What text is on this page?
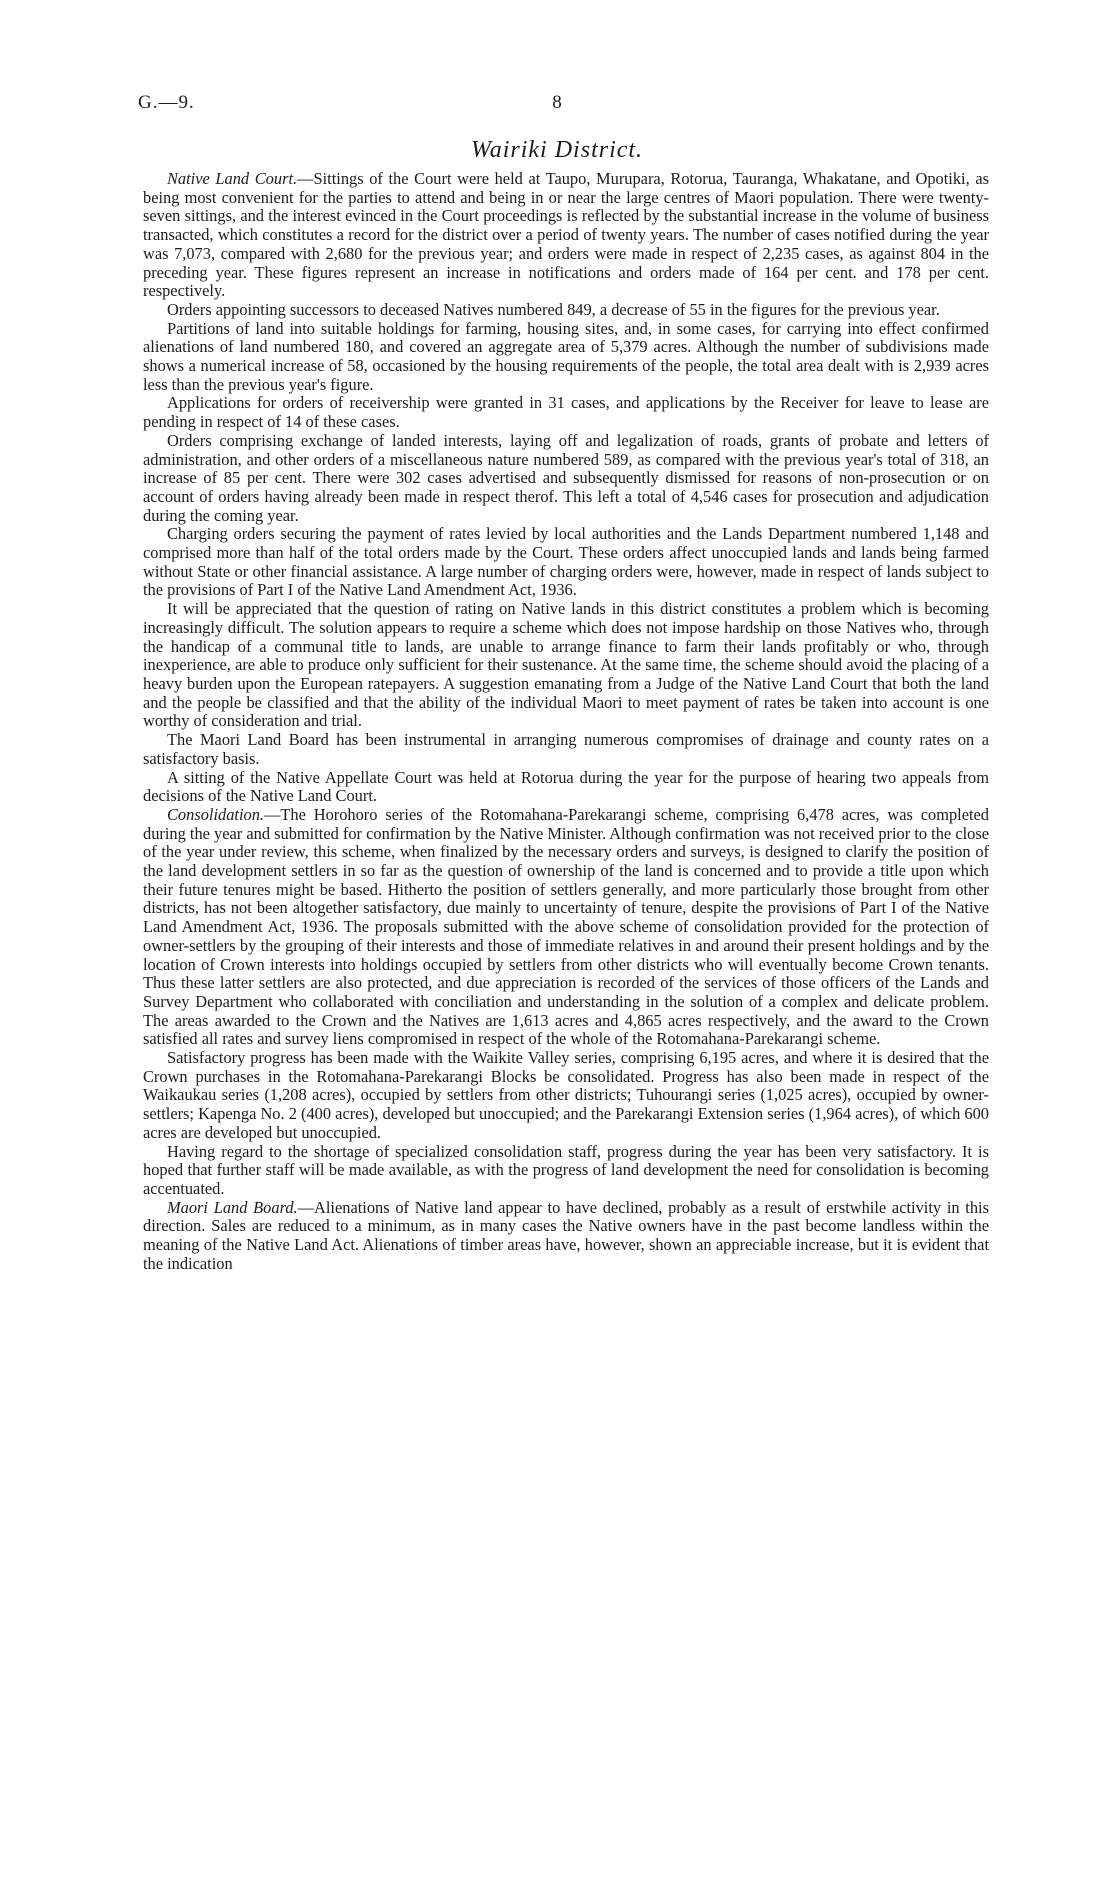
G.—9.	8
Wairiki District.

Native Land Court.—Sittings of the Court were held at Taupo, Murupara, Rotorua, Tauranga, Whakatane, and Opotiki, as being most convenient for the parties to attend and being in or near the large centres of Maori population. There were twenty-seven sittings, and the interest evinced in the Court proceedings is reflected by the substantial increase in the volume of business transacted, which constitutes a record for the district over a period of twenty years. The number of cases notified during the year was 7,073, compared with 2,680 for the previous year; and orders were made in respect of 2,235 cases, as against 804 in the preceding year. These figures represent an increase in notifications and orders made of 164 per cent. and 178 per cent. respectively.

Orders appointing successors to deceased Natives numbered 849, a decrease of 55 in the figures for the previous year.

Partitions of land into suitable holdings for farming, housing sites, and, in some cases, for carrying into effect confirmed alienations of land numbered 180, and covered an aggregate area of 5,379 acres. Although the number of subdivisions made shows a numerical increase of 58, occasioned by the housing requirements of the people, the total area dealt with is 2,939 acres less than the previous year's figure.

Applications for orders of receivership were granted in 31 cases, and applications by the Receiver for leave to lease are pending in respect of 14 of these cases.

Orders comprising exchange of landed interests, laying off and legalization of roads, grants of probate and letters of administration, and other orders of a miscellaneous nature numbered 589, as compared with the previous year's total of 318, an increase of 85 per cent. There were 302 cases advertised and subsequently dismissed for reasons of non-prosecution or on account of orders having already been made in respect therof. This left a total of 4,546 cases for prosecution and adjudication during the coming year.

Charging orders securing the payment of rates levied by local authorities and the Lands Department numbered 1,148 and comprised more than half of the total orders made by the Court. These orders affect unoccupied lands and lands being farmed without State or other financial assistance. A large number of charging orders were, however, made in respect of lands subject to the provisions of Part I of the Native Land Amendment Act, 1936.

It will be appreciated that the question of rating on Native lands in this district constitutes a problem which is becoming increasingly difficult. The solution appears to require a scheme which does not impose hardship on those Natives who, through the handicap of a communal title to lands, are unable to arrange finance to farm their lands profitably or who, through inexperience, are able to produce only sufficient for their sustenance. At the same time, the scheme should avoid the placing of a heavy burden upon the European ratepayers. A suggestion emanating from a Judge of the Native Land Court that both the land and the people be classified and that the ability of the individual Maori to meet payment of rates be taken into account is one worthy of consideration and trial.

The Maori Land Board has been instrumental in arranging numerous compromises of drainage and county rates on a satisfactory basis.

A sitting of the Native Appellate Court was held at Rotorua during the year for the purpose of hearing two appeals from decisions of the Native Land Court.

Consolidation.—The Horohoro series of the Rotomahana-Parekarangi scheme, comprising 6,478 acres, was completed during the year and submitted for confirmation by the Native Minister. Although confirmation was not received prior to the close of the year under review, this scheme, when finalized by the necessary orders and surveys, is designed to clarify the position of the land development settlers in so far as the question of ownership of the land is concerned and to provide a title upon which their future tenures might be based. Hitherto the position of settlers generally, and more particularly those brought from other districts, has not been altogether satisfactory, due mainly to uncertainty of tenure, despite the provisions of Part I of the Native Land Amendment Act, 1936. The proposals submitted with the above scheme of consolidation provided for the protection of owner-settlers by the grouping of their interests and those of immediate relatives in and around their present holdings and by the location of Crown interests into holdings occupied by settlers from other districts who will eventually become Crown tenants. Thus these latter settlers are also protected, and due appreciation is recorded of the services of those officers of the Lands and Survey Department who collaborated with conciliation and understanding in the solution of a complex and delicate problem. The areas awarded to the Crown and the Natives are 1,613 acres and 4,865 acres respectively, and the award to the Crown satisfied all rates and survey liens compromised in respect of the whole of the Rotomahana-Parekarangi scheme.

Satisfactory progress has been made with the Waikite Valley series, comprising 6,195 acres, and where it is desired that the Crown purchases in the Rotomahana-Parekarangi Blocks be consolidated. Progress has also been made in respect of the Waikaukau series (1,208 acres), occupied by settlers from other districts; Tuhourangi series (1,025 acres), occupied by owner-settlers; Kapenga No. 2 (400 acres), developed but unoccupied; and the Parekarangi Extension series (1,964 acres), of which 600 acres are developed but unoccupied.

Having regard to the shortage of specialized consolidation staff, progress during the year has been very satisfactory. It is hoped that further staff will be made available, as with the progress of land development the need for consolidation is becoming accentuated.

Maori Land Board.—Alienations of Native land appear to have declined, probably as a result of erstwhile activity in this direction. Sales are reduced to a minimum, as in many cases the Native owners have in the past become landless within the meaning of the Native Land Act. Alienations of timber areas have, however, shown an appreciable increase, but it is evident that the indication
